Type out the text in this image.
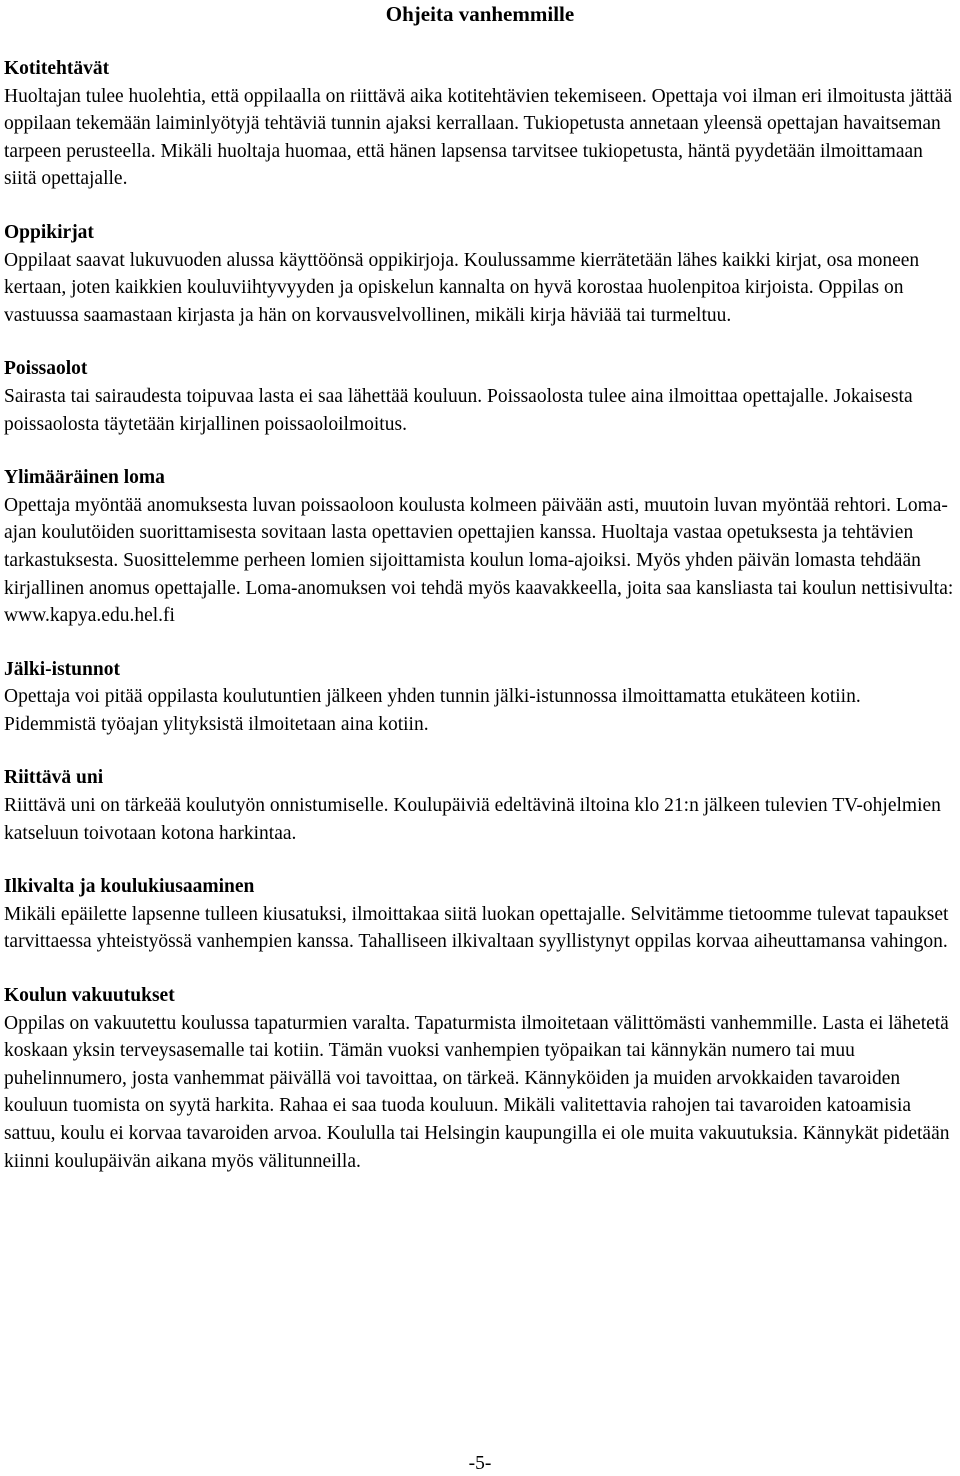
Ohjeita vanhemmille
Kotitehtävät

Huoltajan tulee huolehtia, että oppilaalla on riittävä aika kotitehtävien tekemiseen. Opettaja voi ilman eri ilmoitusta jättää oppilaan tekemään laiminlyötyjä tehtäviä tunnin ajaksi kerrallaan. Tukiopetusta annetaan yleensä opettajan havaitseman tarpeen perusteella. Mikäli huoltaja huomaa, että hänen lapsensa tarvitsee tukiopetusta, häntä pyydetään ilmoittamaan siitä opettajalle.

Oppikirjat

Oppilaat saavat lukuvuoden alussa käyttöönsä oppikirjoja. Koulussamme kierrätetään lähes kaikki kirjat, osa moneen kertaan, joten kaikkien kouluviihtyvyyden ja opiskelun kannalta on hyvä korostaa huolenpitoa kirjoista. Oppilas on vastuussa saamastaan kirjasta ja hän on korvausvelvollinen, mikäli kirja häviää tai turmeltuu.

Poissaolot

Sairasta tai sairaudesta toipuvaa lasta ei saa lähettää kouluun. Poissaolosta tulee aina ilmoittaa opettajalle. Jokaisesta poissaolosta täytetään kirjallinen poissaoloilmoitus.

Ylimääräinen loma

Opettaja myöntää anomuksesta luvan poissaoloon koulusta kolmeen päivään asti, muutoin luvan myöntää rehtori. Loma-ajan koulutöiden suorittamisesta sovitaan lasta opettavien opettajien kanssa. Huoltaja vastaa opetuksesta ja tehtävien tarkastuksesta. Suosittelemme perheen lomien sijoittamista koulun loma-ajoiksi. Myös yhden päivän lomasta tehdään kirjallinen anomus opettajalle. Loma-anomuksen voi tehdä myös kaavakkeella, joita saa kansliasta tai koulun nettisivulta: www.kapya.edu.hel.fi

Jälki-istunnot

Opettaja voi pitää oppilasta koulutuntien jälkeen yhden tunnin jälki-istunnossa ilmoittamatta etukäteen kotiin. Pidemmistä työajan ylityksistä ilmoitetaan aina kotiin.

Riittävä uni

Riittävä uni on tärkeää koulutyön onnistumiselle. Koulupäiviä edeltävinä iltoina klo 21:n jälkeen tulevien TV-ohjelmien katseluun toivotaan kotona harkintaa.

Ilkivalta ja koulukiusaaminen

Mikäli epäilette lapsenne tulleen kiusatuksi, ilmoittakaa siitä luokan opettajalle. Selvitämme tietoomme tulevat tapaukset tarvittaessa yhteistyössä vanhempien kanssa. Tahalliseen ilkivaltaan syyllistynyt oppilas korvaa aiheuttamansa vahingon.

Koulun vakuutukset

Oppilas on vakuutettu koulussa tapaturmien varalta. Tapaturmista ilmoitetaan välittömästi vanhemmille. Lasta ei lähetetä koskaan yksin terveysasemalle tai kotiin. Tämän vuoksi vanhempien työpaikan tai kännykän numero tai muu puhelinnumero, josta vanhemmat päivällä voi tavoittaa, on tärkeä. Kännyköiden ja muiden arvokkaiden tavaroiden kouluun tuomista on syytä harkita. Rahaa ei saa tuoda kouluun. Mikäli valitettavia rahojen tai tavaroiden katoamisia sattuu, koulu ei korvaa tavaroiden arvoa. Koululla tai Helsingin kaupungilla ei ole muita vakuutuksia. Kännykät pidetään kiinni koulupäivän aikana myös välitunneilla.

-5-
